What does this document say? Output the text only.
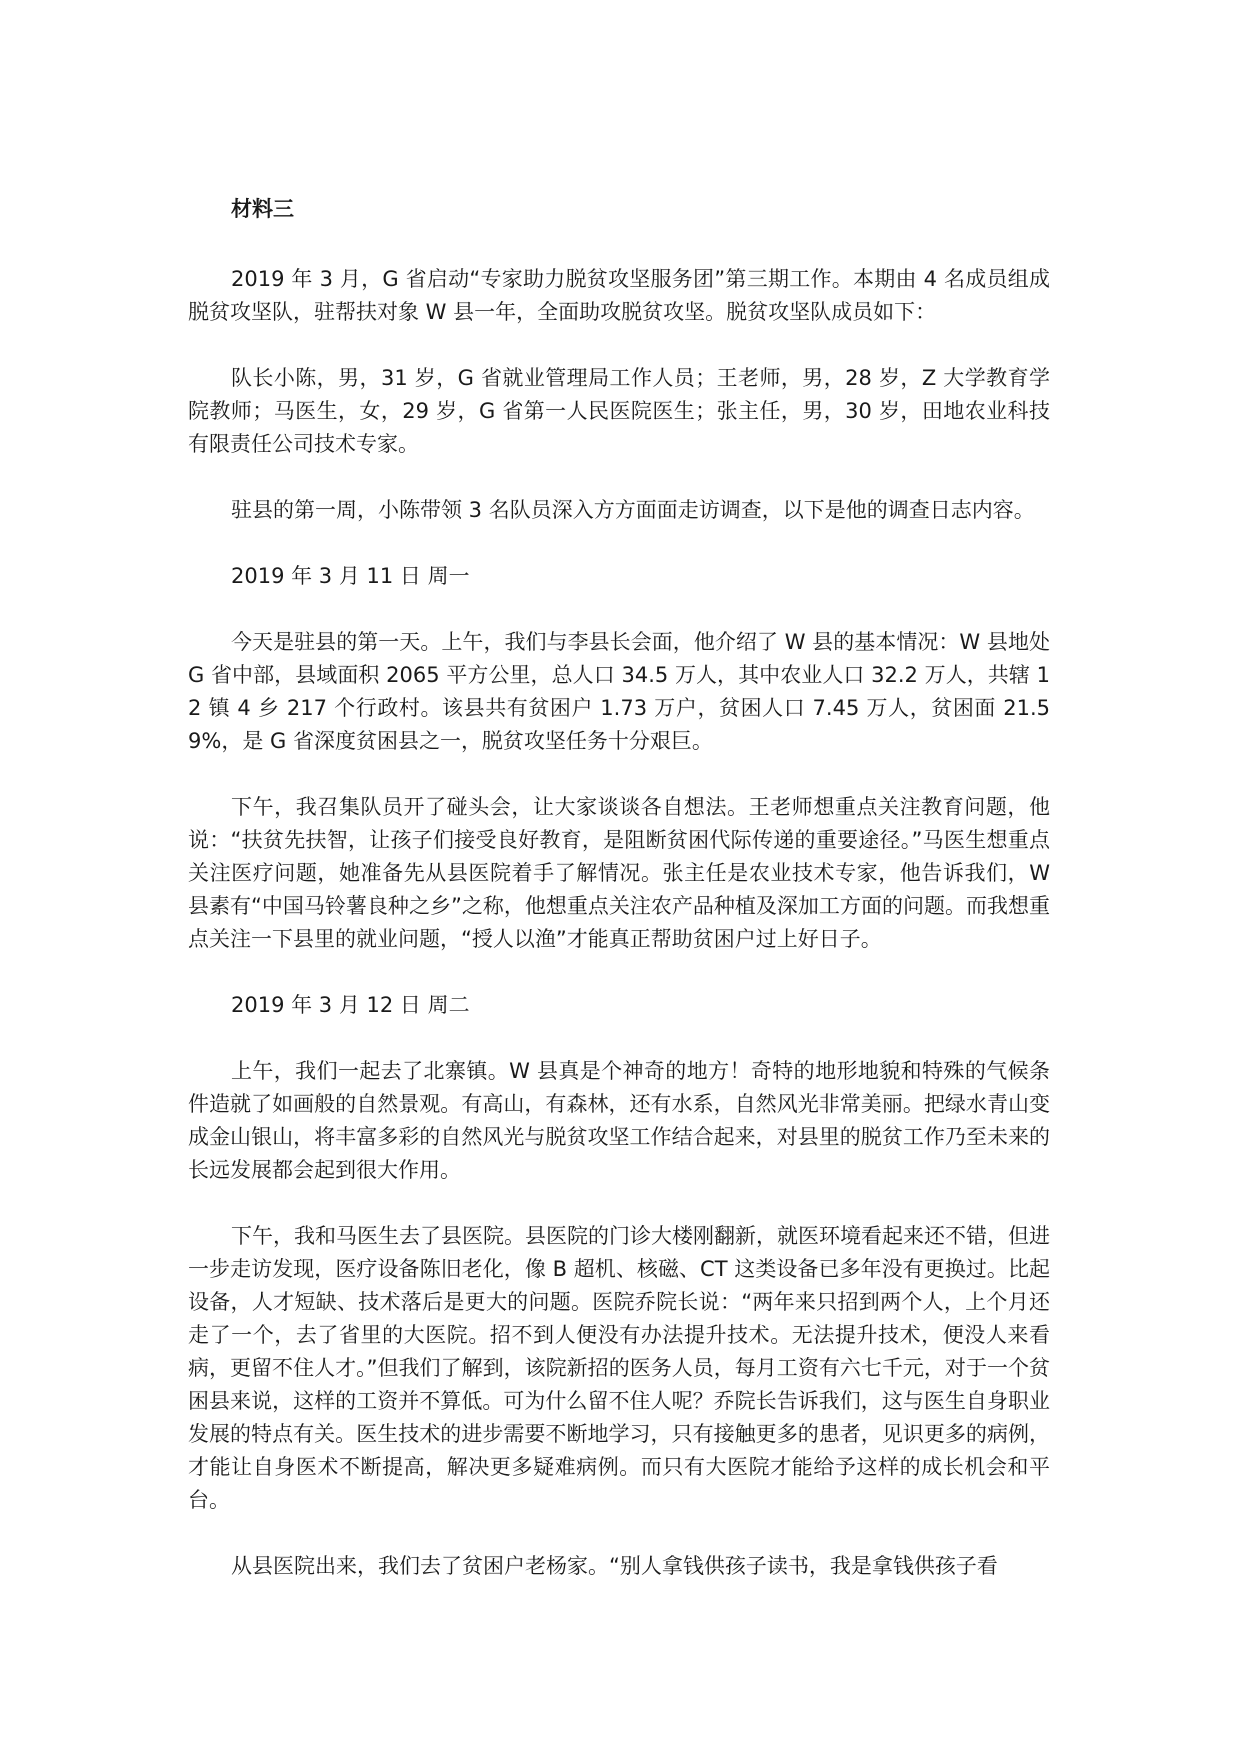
材料三

2019 年 3 月，G 省启动“专家助力脱贫攻坚服务团”第三期工作。本期由 4 名成员组成脱贫攻坚队，驻帮扶对象 W 县一年，全面助攻脱贫攻坚。脱贫攻坚队成员如下：

队长小陈，男，31 岁，G 省就业管理局工作人员；王老师，男，28 岁，Z 大学教育学院教师；马医生，女，29 岁，G 省第一人民医院医生；张主任，男，30 岁，田地农业科技有限责任公司技术专家。

驻县的第一周，小陈带领 3 名队员深入方方面面走访调查，以下是他的调查日志内容。

2019 年 3 月 11 日 周一

今天是驻县的第一天。上午，我们与李县长会面，他介绍了 W 县的基本情况：W 县地处 G 省中部，县域面积 2065 平方公里，总人口 34.5 万人，其中农业人口 32.2 万人，共辖 12 镇 4 乡 217 个行政村。该县共有贫困户 1.73 万户，贫困人口 7.45 万人，贫困面 21.59%，是 G 省深度贫困县之一，脱贫攻坚任务十分艰巨。

下午，我召集队员开了碰头会，让大家谈谈各自想法。王老师想重点关注教育问题，他说：“扶贫先扶智，让孩子们接受良好教育，是阻断贫困代际传递的重要途径。”马医生想重点关注医疗问题，她准备先从县医院着手了解情况。张主任是农业技术专家，他告诉我们，W 县素有“中国马铃薯良种之乡”之称，他想重点关注农产品种植及深加工方面的问题。而我想重点关注一下县里的就业问题，“授人以渔”才能真正帮助贫困户过上好日子。

2019 年 3 月 12 日 周二

上午，我们一起去了北寨镇。W 县真是个神奇的地方！奇特的地形地貌和特殊的气候条件造就了如画般的自然景观。有高山，有森林，还有水系，自然风光非常美丽。把绿水青山变成金山银山，将丰富多彩的自然风光与脱贫攻坚工作结合起来，对县里的脱贫工作乃至未来的长远发展都会起到很大作用。

下午，我和马医生去了县医院。县医院的门诊大楼刚翻新，就医环境看起来还不错，但进一步走访发现，医疗设备陈旧老化，像 B 超机、核磁、CT 这类设备已多年没有更换过。比起设备，人才短缺、技术落后是更大的问题。医院乔院长说：“两年来只招到两个人，上个月还走了一个，去了省里的大医院。招不到人便没有办法提升技术。无法提升技术，便没人来看病，更留不住人才。”但我们了解到，该院新招的医务人员，每月工资有六七千元，对于一个贫困县来说，这样的工资并不算低。可为什么留不住人呢？乔院长告诉我们，这与医生自身职业发展的特点有关。医生技术的进步需要不断地学习，只有接触更多的患者，见识更多的病例，才能让自身医术不断提高，解决更多疑难病例。而只有大医院才能给予这样的成长机会和平台。

从县医院出来，我们去了贫困户老杨家。“别人拿钱供孩子读书，我是拿钱供孩子看
